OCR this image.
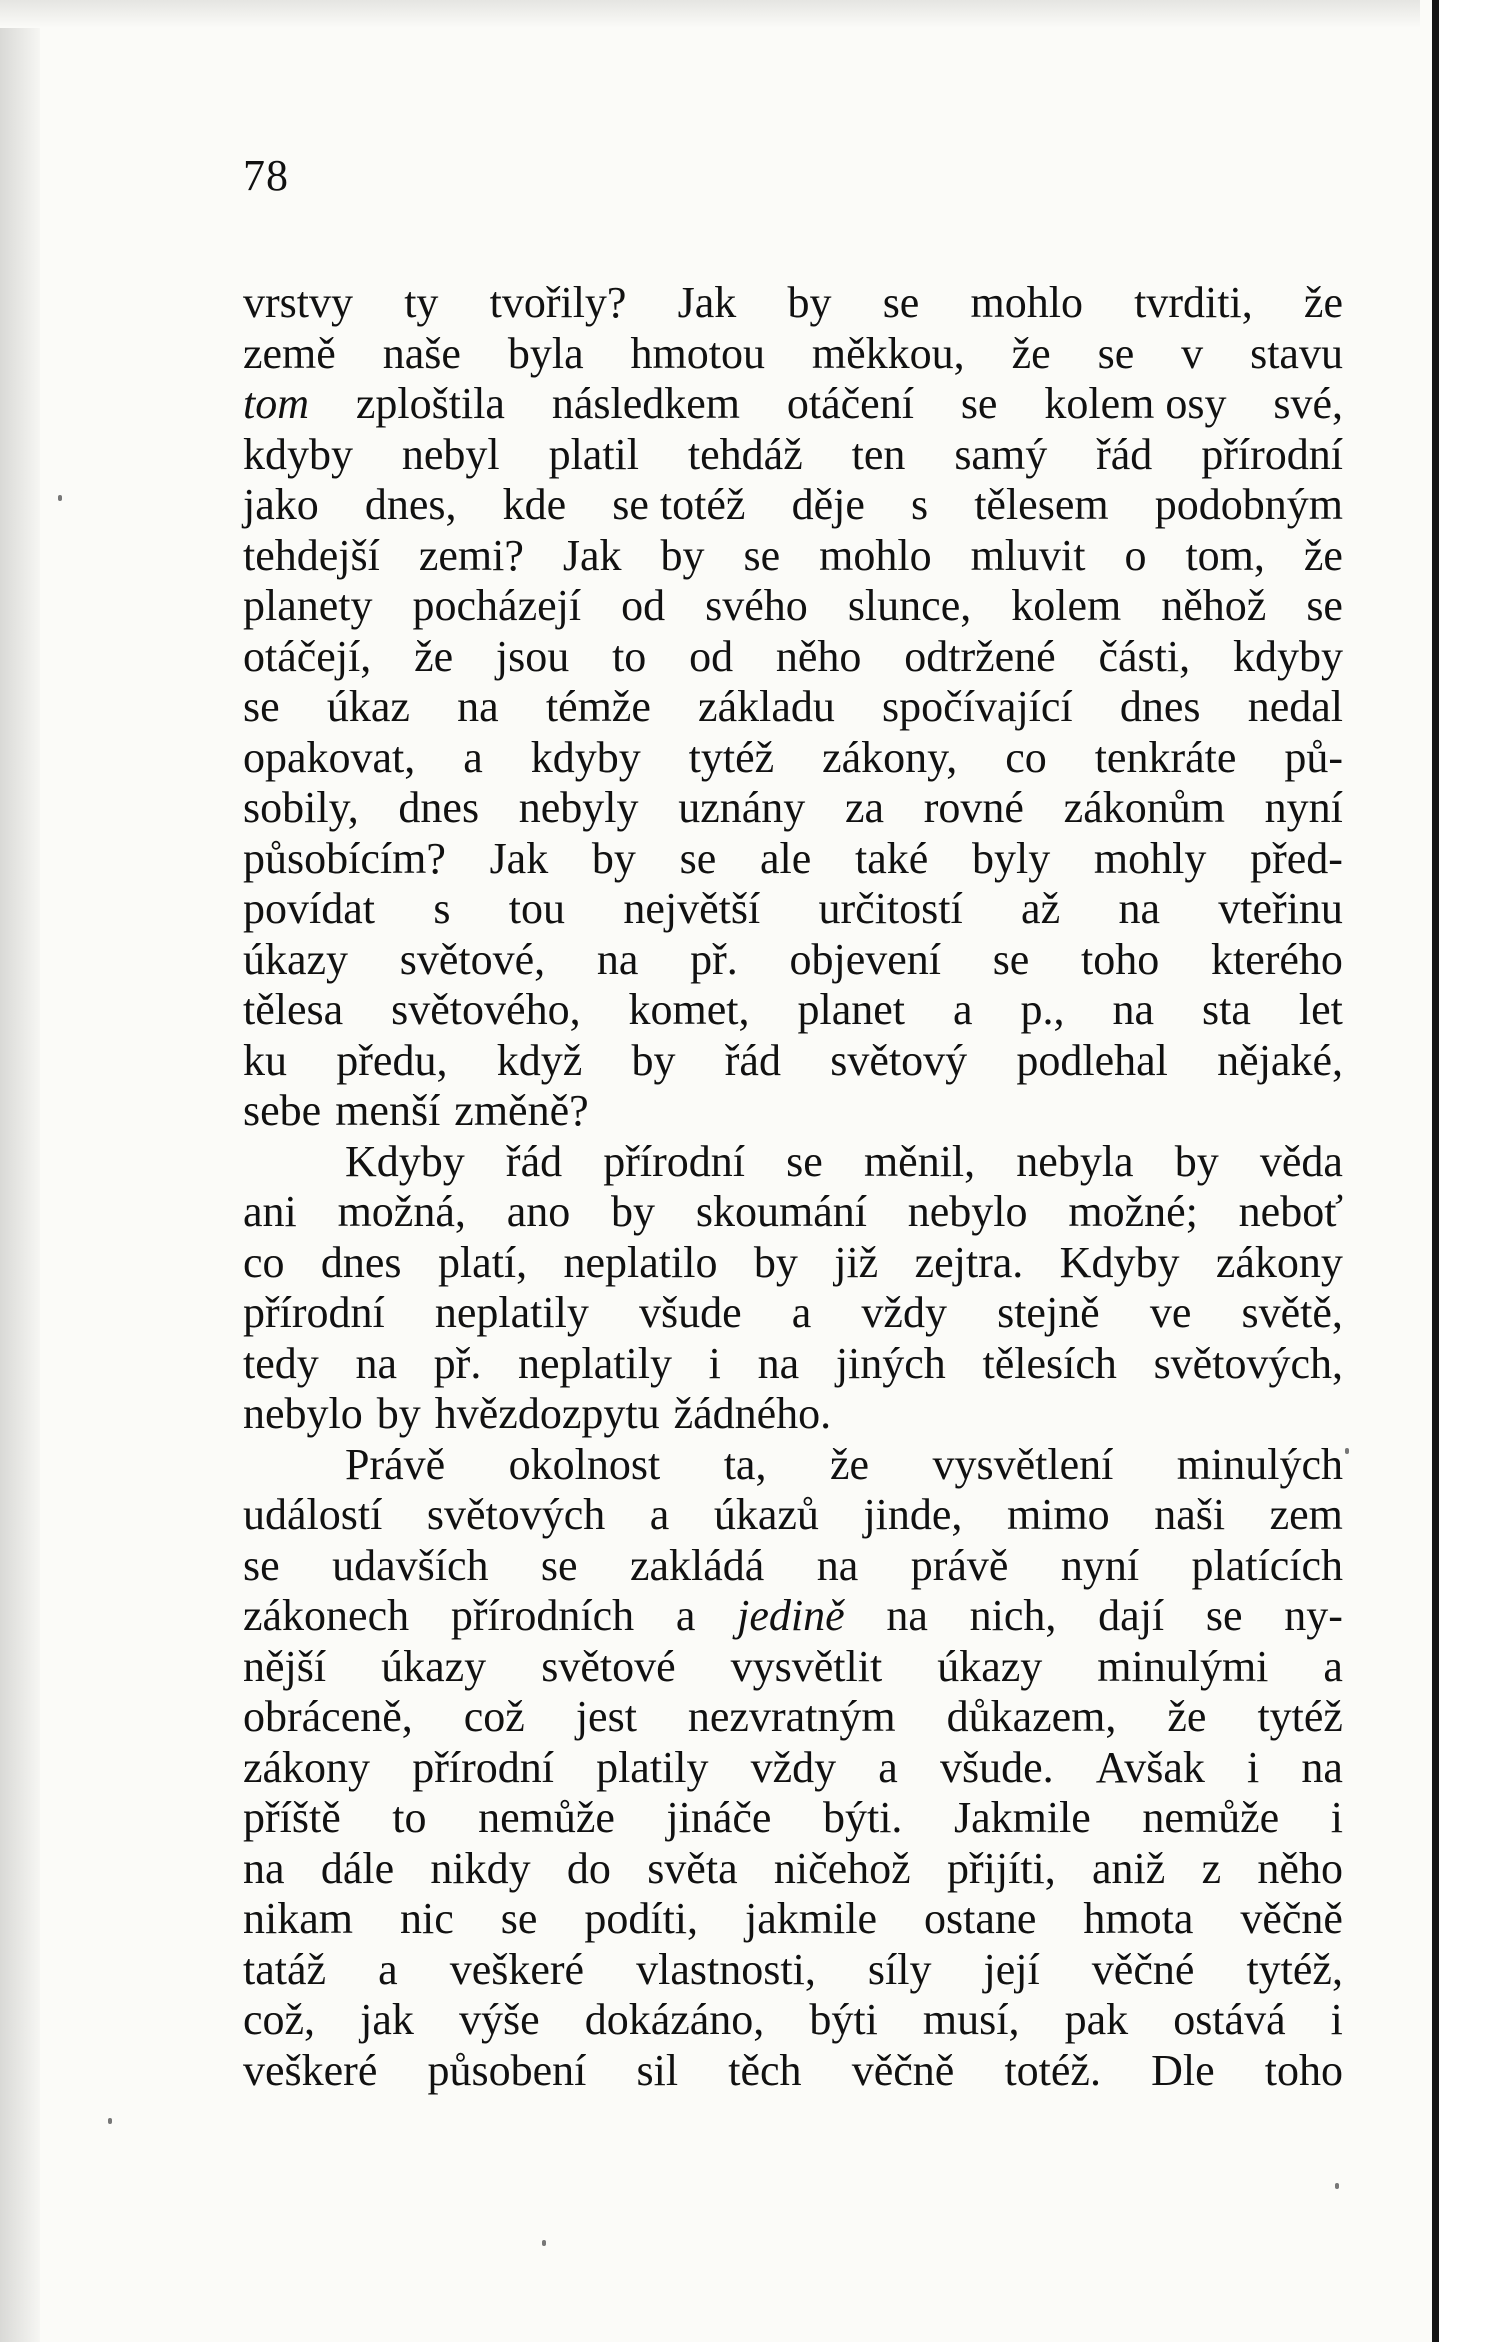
78
vrstvy ty tvořily? Jak by se mohlo tvrditi, že
země naše byla hmotou měkkou, že se v stavu
tom zploštila následkem otáčení se kolem osy své,
kdyby nebyl platil tehdáž ten samý řád přírodní
jako dnes, kde se totéž děje s tělesem podobným
tehdejší zemi? Jak by se mohlo mluvit o tom, že
planety pocházejí od svého slunce, kolem něhož se
otáčejí, že jsou to od něho odtržené části, kdyby
se úkaz na témže základu spočívající dnes nedal
opakovat, a kdyby tytéž zákony, co tenkráte pů-
sobily, dnes nebyly uznány za rovné zákonům nyní
působícím? Jak by se ale také byly mohly před-
povídat s tou největší určitostí až na vteřinu
úkazy světové, na př. objevení se toho kterého
tělesa světového, komet, planet a p., na sta let
ku předu, když by řád světový podlehal nějaké,
sebe menší změně?
Kdyby řád přírodní se měnil, nebyla by věda
ani možná, ano by skoumání nebylo možné; neboť
co dnes platí, neplatilo by již zejtra. Kdyby zákony
přírodní neplatily všude a vždy stejně ve světě,
tedy na př. neplatily i na jiných tělesích světových,
nebylo by hvězdozpytu žádného.
Právě okolnost ta, že vysvětlení minulých
událostí světových a úkazů jinde, mimo naši zem
se udavších se zakládá na právě nyní platících
zákonech přírodních a jedině na nich, dají se ny-
nější úkazy světové vysvětlit úkazy minulými a
obráceně, což jest nezvratným důkazem, že tytéž
zákony přírodní platily vždy a všude. Avšak i na
příště to nemůže jináče býti. Jakmile nemůže i
na dále nikdy do světa ničehož přijíti, aniž z něho
nikam nic se podíti, jakmile ostane hmota věčně
tatáž a veškeré vlastnosti, síly její věčné tytéž,
což, jak výše dokázáno, býti musí, pak ostává i
veškeré působení sil těch věčně totéž. Dle toho
